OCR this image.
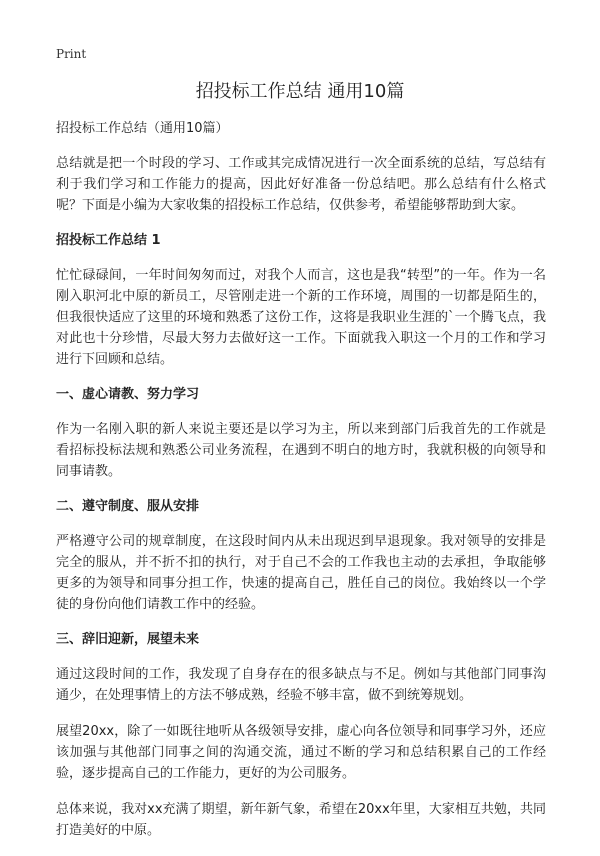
Print
招投标工作总结 通用10篇

招投标工作总结（通用10篇）

总结就是把一个时段的学习、工作或其完成情况进行一次全面系统的总结，写总结有利于我们学习和工作能力的提高，因此好好准备一份总结吧。那么总结有什么格式呢？下面是小编为大家收集的招投标工作总结，仅供参考，希望能够帮助到大家。

招投标工作总结 1

忙忙碌碌间，一年时间匆匆而过，对我个人而言，这也是我“转型”的一年。作为一名刚入职河北中原的新员工，尽管刚走进一个新的工作环境，周围的一切都是陌生的，但我很快适应了这里的环境和熟悉了这份工作，这将是我职业生涯的`一个腾飞点，我对此也十分珍惜，尽最大努力去做好这一工作。下面就我入职这一个月的工作和学习进行下回顾和总结。

一、虚心请教、努力学习

作为一名刚入职的新人来说主要还是以学习为主，所以来到部门后我首先的工作就是看招标投标法规和熟悉公司业务流程，在遇到不明白的地方时，我就积极的向领导和同事请教。

二、遵守制度、服从安排

严格遵守公司的规章制度，在这段时间内从未出现迟到早退现象。我对领导的安排是完全的服从，并不折不扣的执行，对于自己不会的工作我也主动的去承担，争取能够更多的为领导和同事分担工作，快速的提高自己，胜任自己的岗位。我始终以一个学徒的身份向他们请教工作中的经验。

三、辞旧迎新，展望未来

通过这段时间的工作，我发现了自身存在的很多缺点与不足。例如与其他部门同事沟通少，在处理事情上的方法不够成熟，经验不够丰富，做不到统筹规划。

展望20xx，除了一如既往地听从各级领导安排，虚心向各位领导和同事学习外，还应该加强与其他部门同事之间的沟通交流，通过不断的学习和总结积累自己的工作经验，逐步提高自己的工作能力，更好的为公司服务。

总体来说，我对xx充满了期望，新年新气象，希望在20xx年里，大家相互共勉，共同打造美好的中原。
